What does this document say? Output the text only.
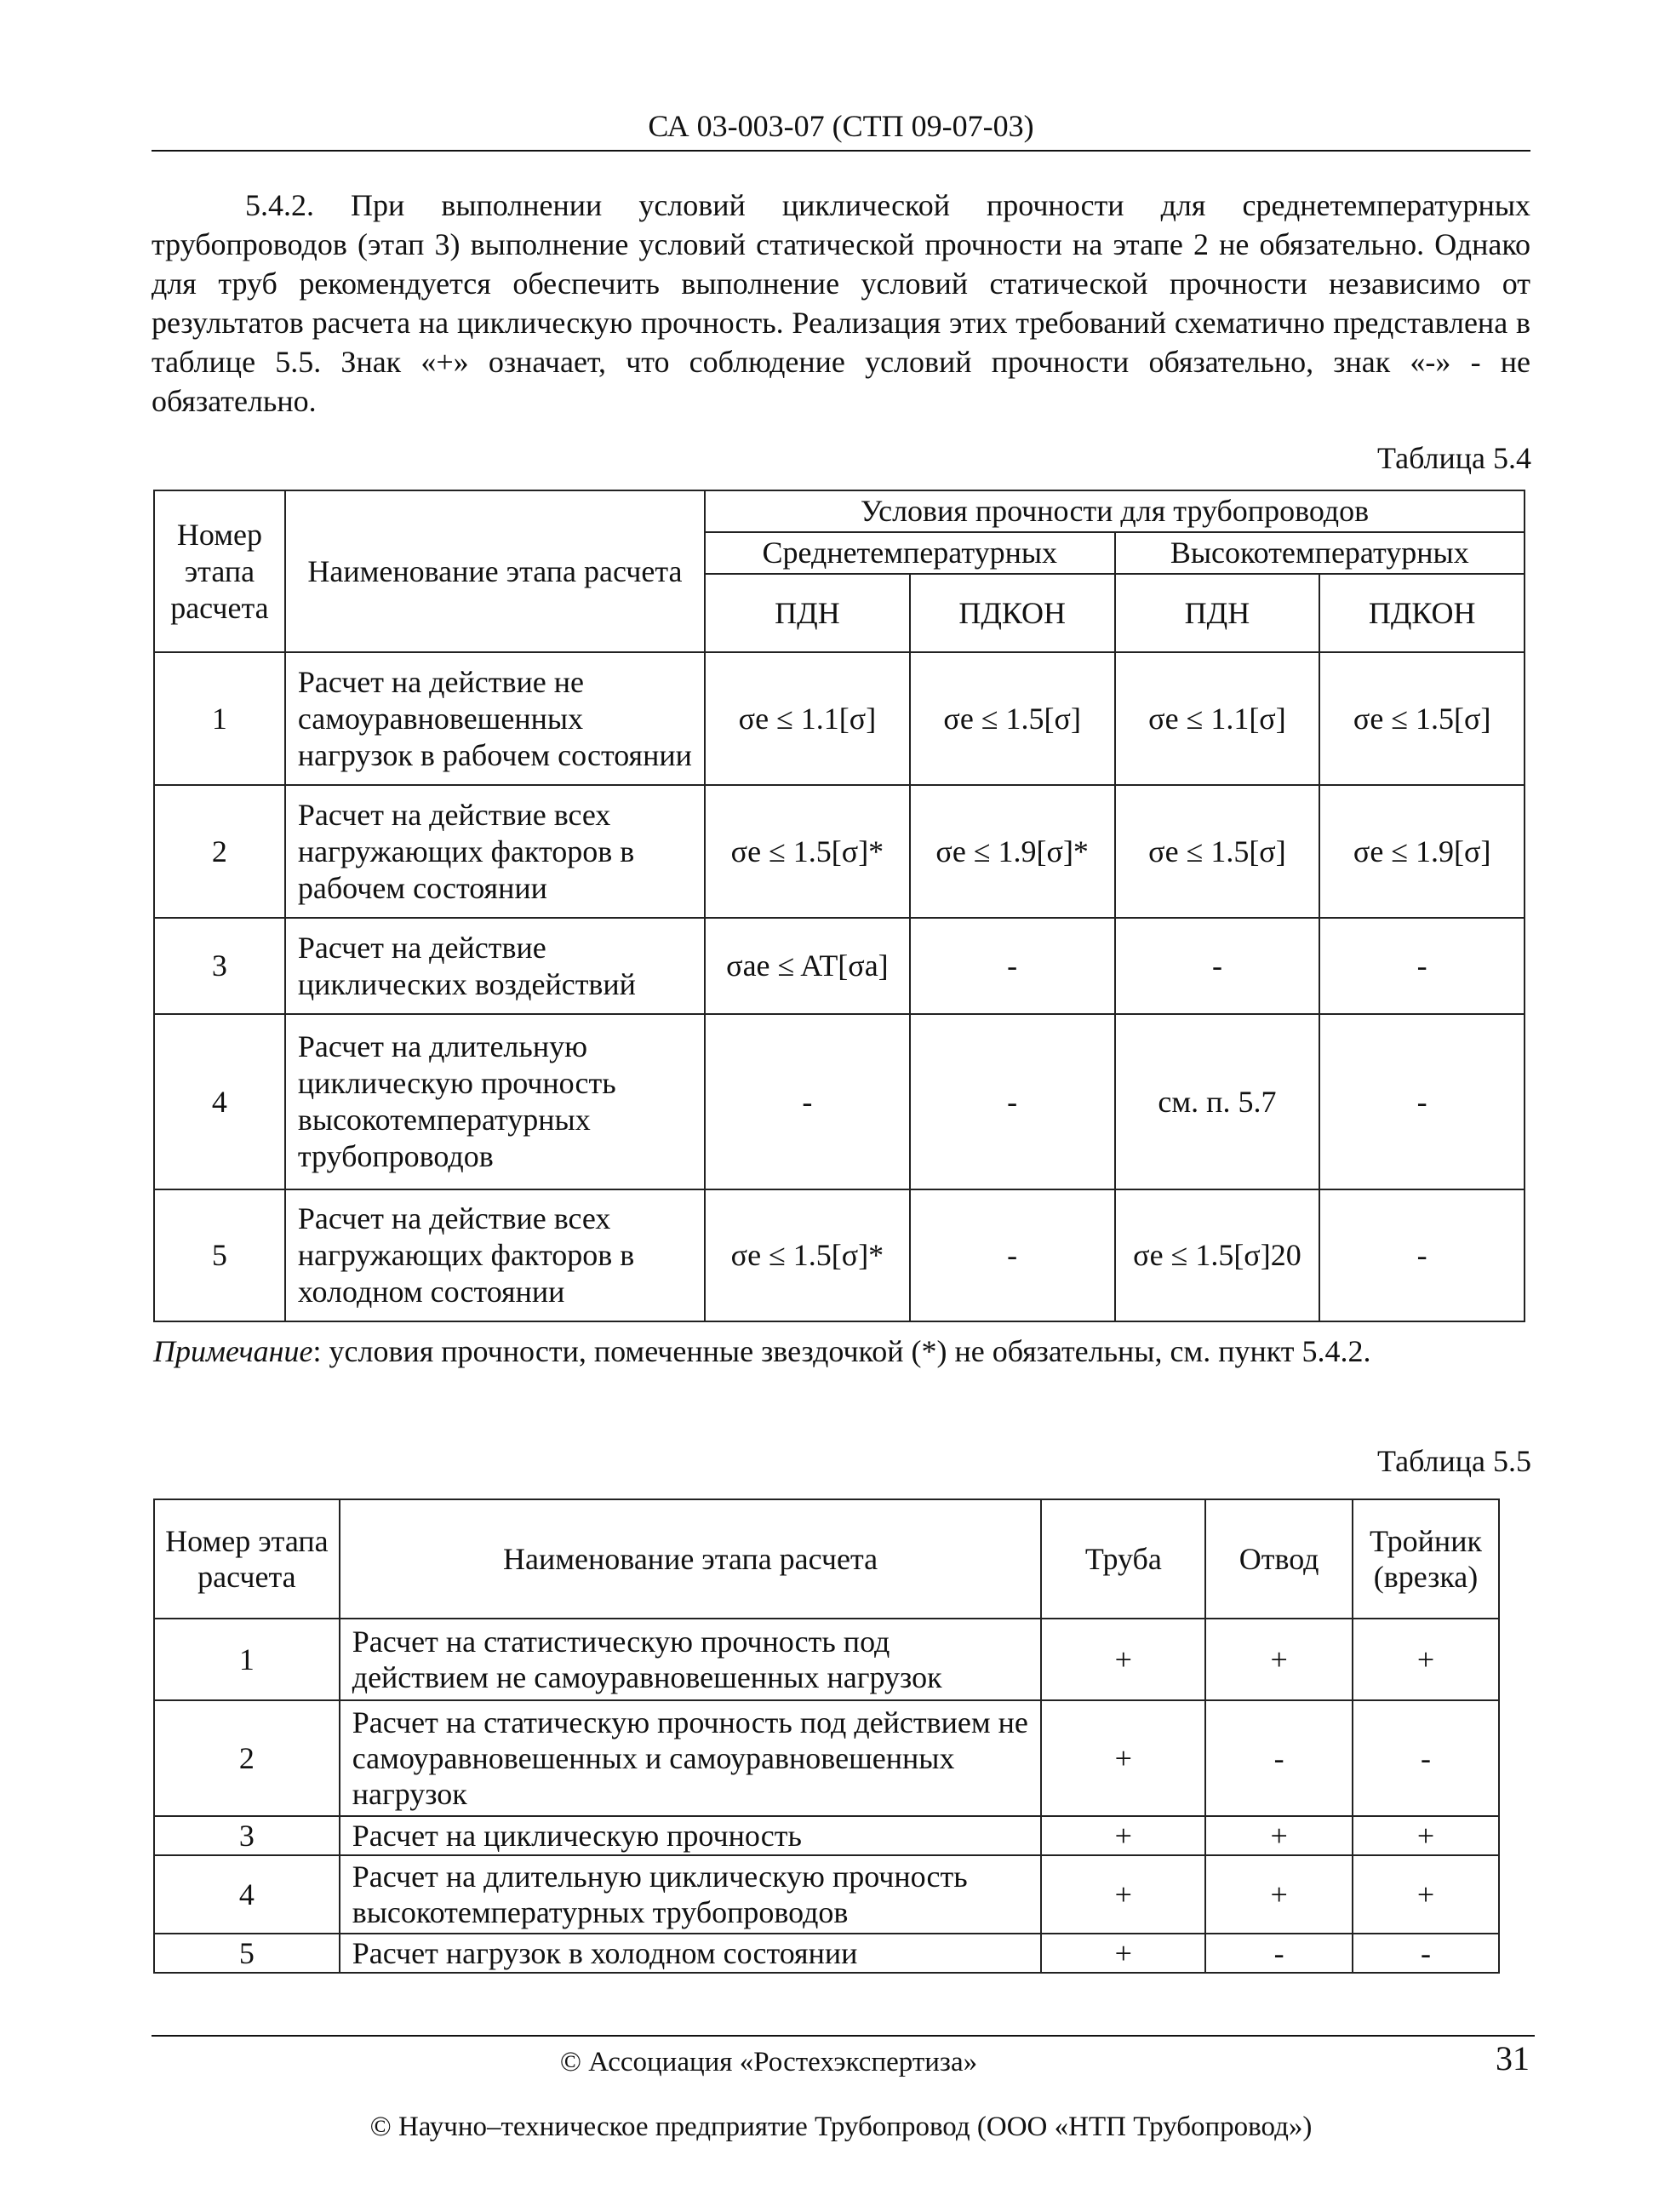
СА 03-003-07 (СТП 09-07-03)

5.4.2. При выполнении условий циклической прочности для среднетемпературных трубопроводов (этап 3) выполнение условий статической прочности на этапе 2 не обязательно. Однако для труб рекомендуется обеспечить выполнение условий статической прочности независимо от результатов расчета на циклическую прочность. Реализация этих требований схематично представлена в таблице 5.5. Знак «+» означает, что соблюдение условий прочности обязательно, знак «-» - не обязательно.

Таблица 5.4
Номер этапа расчета	Наименование этапа расчета	Условия прочности для трубопроводов			
		Среднетемпературных		Высокотемпературных	
		ПДН	ПДКОН	ПДН	ПДКОН
1	Расчет на действие не самоуравновешенных нагрузок в рабочем состоянии	σe ≤ 1.1[σ]	σe ≤ 1.5[σ]	σe ≤ 1.1[σ]	σe ≤ 1.5[σ]
2	Расчет на действие всех нагружающих факторов в рабочем состоянии	σe ≤ 1.5[σ]*	σe ≤ 1.9[σ]*	σe ≤ 1.5[σ]	σe ≤ 1.9[σ]
3	Расчет на действие циклических воздействий	σae ≤ AT[σa]	-	-	-
4	Расчет на длительную циклическую прочность высокотемпературных трубопроводов	-	-	см. п. 5.7	-
5	Расчет на действие всех нагружающих факторов в холодном состоянии	σe ≤ 1.5[σ]*	-	σe ≤ 1.5[σ]20	-
Примечание: условия прочности, помеченные звездочкой (*) не обязательны, см. пункт 5.4.2.
Таблица 5.5
Номер этапа расчета	Наименование этапа расчета	Труба	Отвод	Тройник (врезка)
1	Расчет на статистическую прочность под действием не самоуравновешенных нагрузок	+	+	+
2	Расчет на статическую прочность под действием не самоуравновешенных и самоуравновешенных нагрузок	+	-	-
3	Расчет на циклическую прочность	+	+	+
4	Расчет на длительную циклическую прочность высокотемпературных трубопроводов	+	+	+
5	Расчет нагрузок в холодном состоянии	+	-	-
© Ассоциация «Ростехэкспертиза»	31
© Научно–техническое предприятие Трубопровод (ООО «НТП Трубопровод»)
